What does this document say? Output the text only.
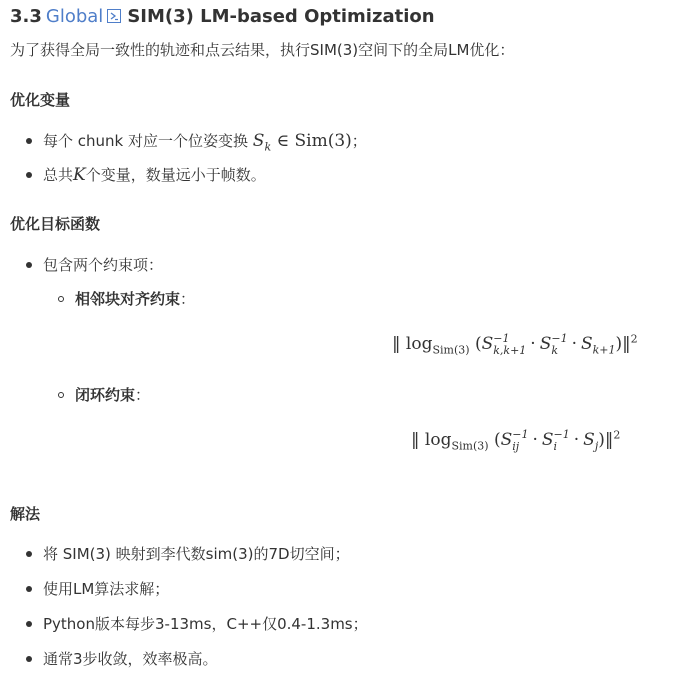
3.3 Global SIM(3) LM-based Optimization
为了获得全局一致性的轨迹和点云结果，执行SIM(3)空间下的全局LM优化：
优化变量
每个 chunk 对应一个位姿变换 $S_k$ ∈ Sim(3)；
总共K个变量，数量远小于帧数。
优化目标函数
包含两个约束项：
相邻块对齐约束：
‖ $\log_{Sim(3)} (S -1$
k,k+1 · S −1
$k \cdot S_{k+1})‖^2$
闭环约束：
‖ $\log_{Sim(3)} (S -1$
ij · S −1
$i \cdot S_j)‖^2$
解法
将 SIM(3) 映射到李代数sim(3)的7D切空间；
使用LM算法求解；
Python版本每步3-13ms，C++仅0.4-1.3ms；
通常3步收敛，效率极高。
